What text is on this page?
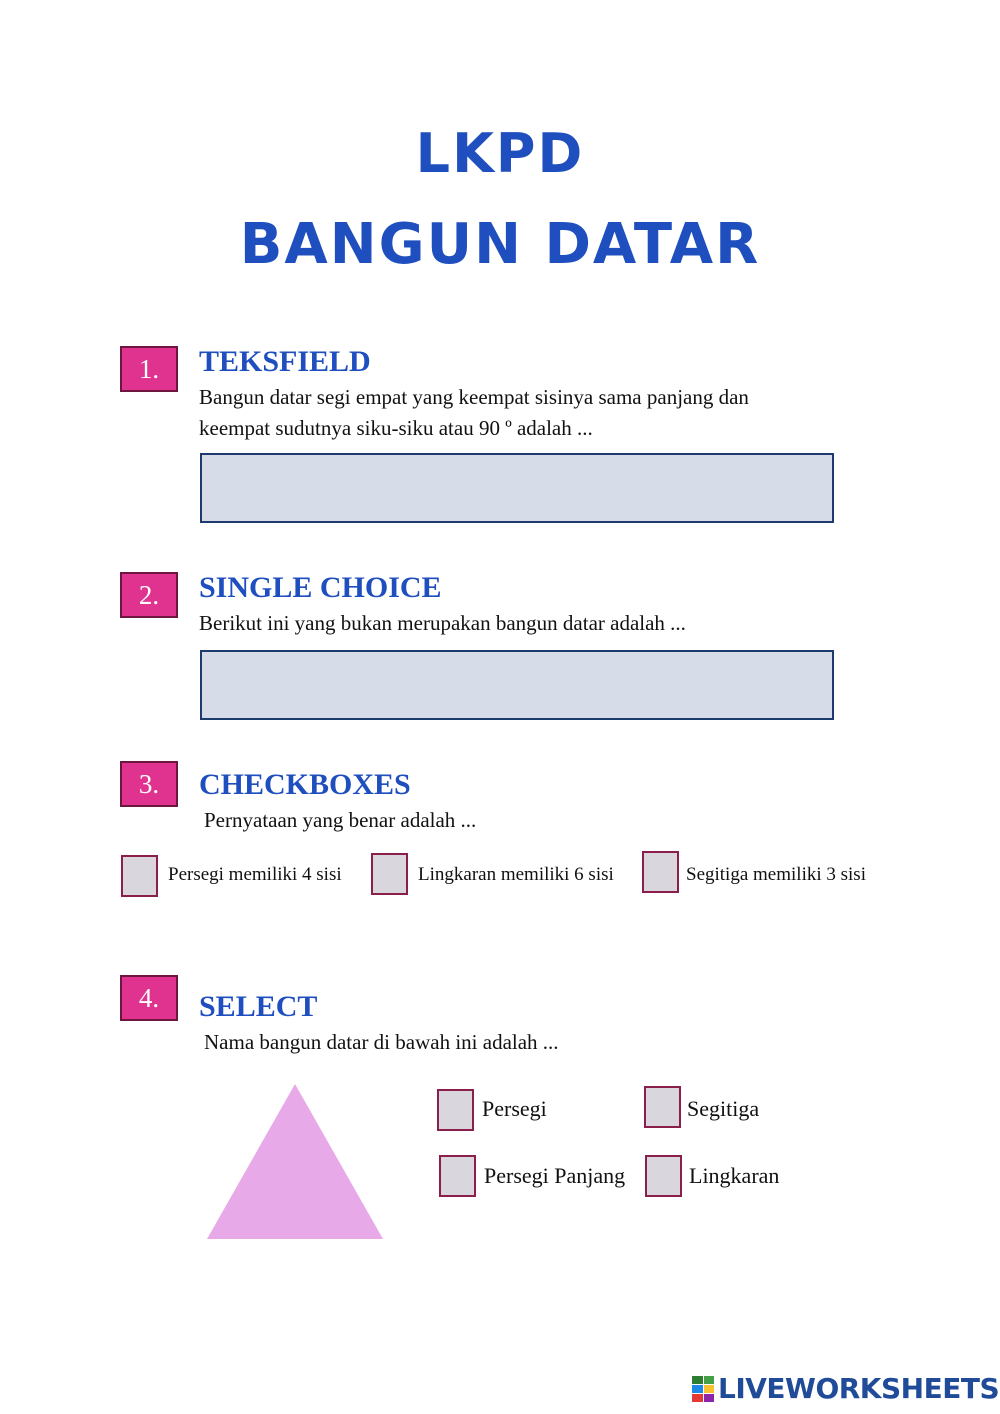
LKPD
BANGUN DATAR
1.	TEKSFIELD
Bangun datar segi empat yang keempat sisinya sama panjang dan
keempat sudutnya siku-siku atau 90 º adalah ...
2.	SINGLE CHOICE
Berikut ini yang bukan merupakan bangun datar adalah ...
3.	CHECKBOXES
Pernyataan yang benar adalah ...
Persegi memiliki 4 sisi	Lingkaran memiliki 6 sisi	Segitiga memiliki 3 sisi
4.	SELECT
Nama bangun datar di bawah ini adalah ...
Persegi	Segitiga
Persegi Panjang	Lingkaran
LIVEWORKSHEETS
